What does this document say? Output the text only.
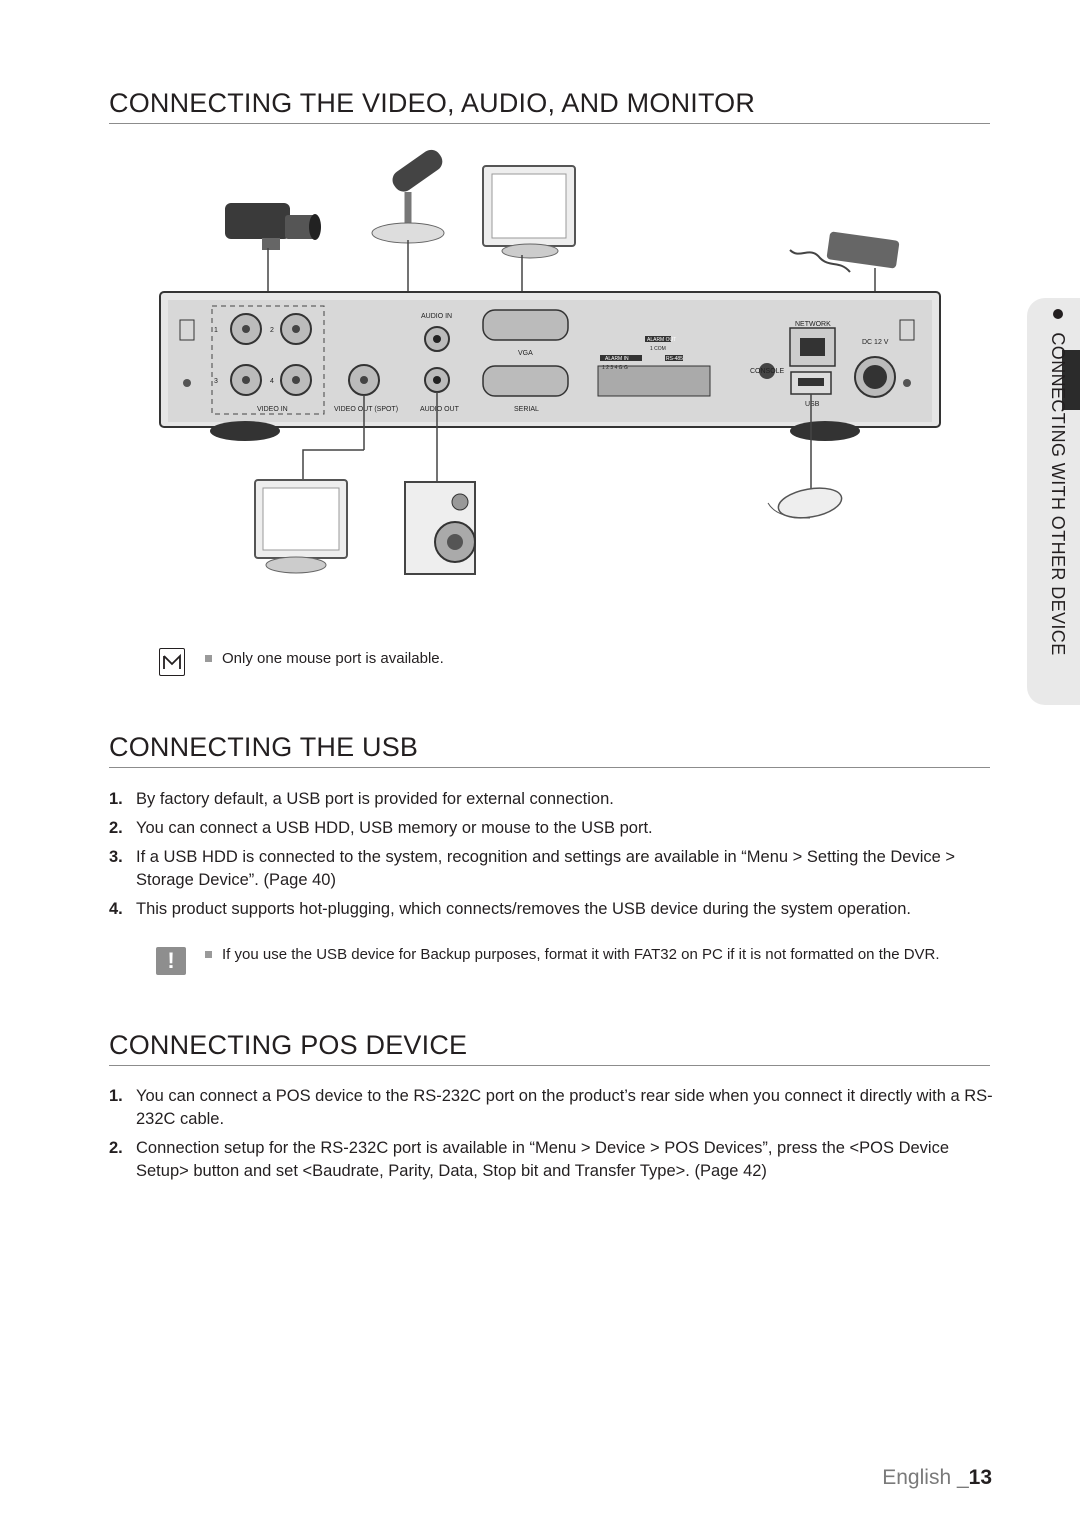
CONNECTING THE VIDEO, AUDIO, AND MONITOR
AUDIO IN
VGA
VIDEO IN	VIDEO OUT (SPOT)	AUDIO OUT	SERIAL
NETWORK
DC 12 V
CONSOLE
USB
1	2
3	4
ALARM OUT
ALARM IN	RS-485
1 COM
1 2 3 4 G G
Only one mouse port is available.
CONNECTING THE USB
1. By factory default, a USB port is provided for external connection.
2. You can connect a USB HDD, USB memory or mouse to the USB port.
3. If a USB HDD is connected to the system, recognition and settings are available in “Menu > Setting the Device > Storage Device”. (Page 40)
4. This product supports hot-plugging, which connects/removes the USB device during the system operation.
!	If you use the USB device for Backup purposes, format it with FAT32 on PC if it is not formatted on the DVR.
CONNECTING POS DEVICE
1. You can connect a POS device to the RS-232C port on the product’s rear side when you connect it directly with a RS-232C cable.
2. Connection setup for the RS-232C port is available in “Menu > Device > POS Devices”, press the <POS Device Setup> button and set <Baudrate, Parity, Data, Stop bit and Transfer Type>. (Page 42)
CONNECTING WITH OTHER DEVICE
English _13
